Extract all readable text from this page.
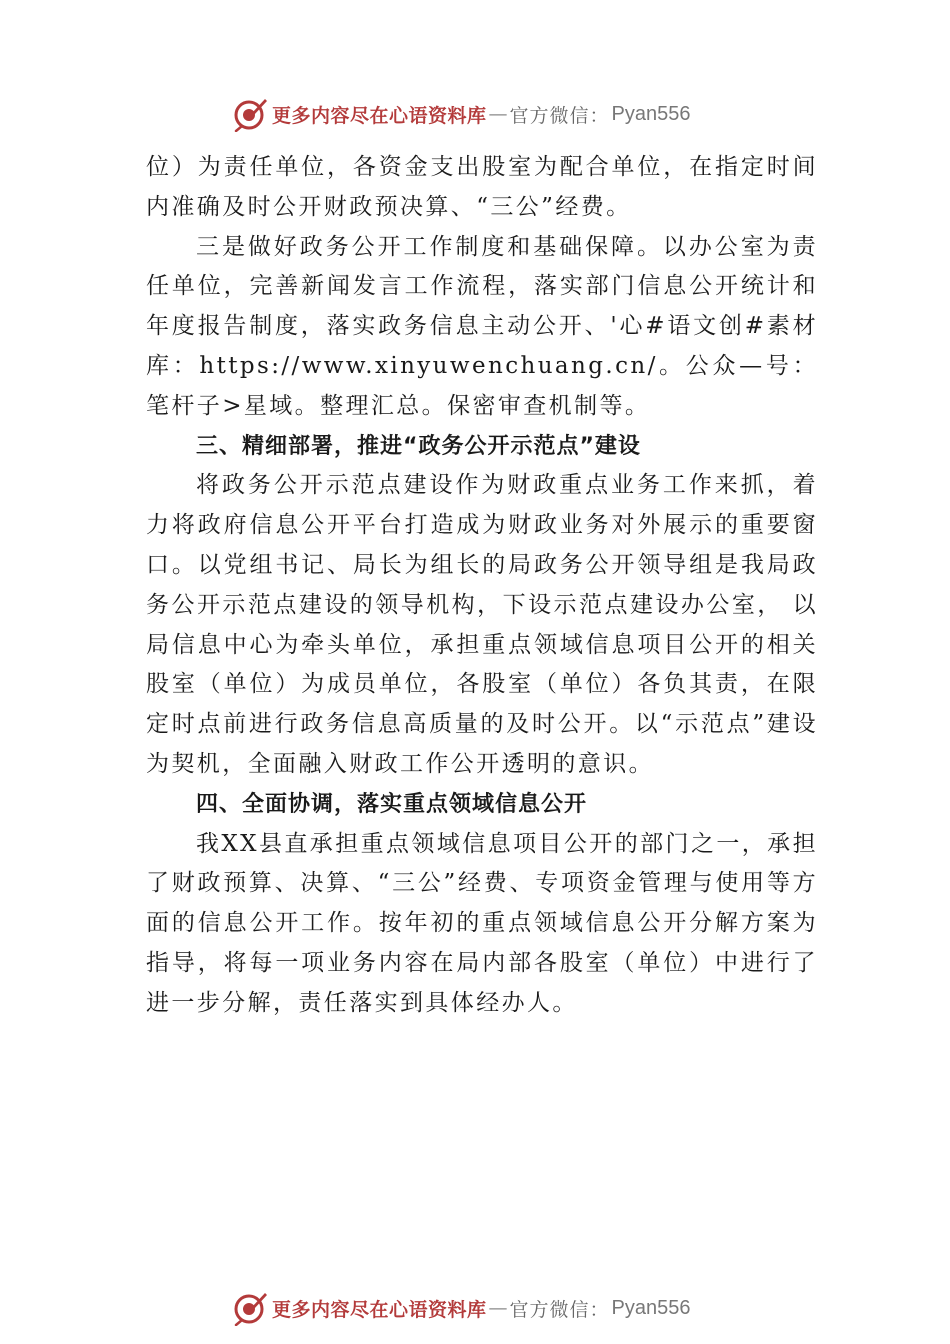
更多内容尽在心语资料库 — 官方微信： Pyan556

位）为责任单位，各资金支出股室为配合单位，在指定时间内准确及时公开财政预决算、“三公”经费。

三是做好政务公开工作制度和基础保障。以办公室为责任单位，完善新闻发言工作流程，落实部门信息公开统计和年度报告制度，落实政务信息主动公开、'心#语文创#素材库：https://www.xinyuwenchuang.cn/。公众—号：笔杆子>星域。整理汇总。保密审查机制等。

三、精细部署，推进“政务公开示范点”建设

将政务公开示范点建设作为财政重点业务工作来抓，着力将政府信息公开平台打造成为财政业务对外展示的重要窗口。以党组书记、局长为组长的局政务公开领导组是我局政务公开示范点建设的领导机构，下设示范点建设办公室， 以局信息中心为牵头单位，承担重点领域信息项目公开的相关股室（单位）为成员单位，各股室（单位）各负其责，在限定时点前进行政务信息高质量的及时公开。以“示范点”建设为契机，全面融入财政工作公开透明的意识。

四、全面协调，落实重点领域信息公开

我XX县直承担重点领域信息项目公开的部门之一，承担了财政预算、决算、“三公”经费、专项资金管理与使用等方面的信息公开工作。按年初的重点领域信息公开分解方案为指导，将每一项业务内容在局内部各股室（单位）中进行了进一步分解，责任落实到具体经办人。

更多内容尽在心语资料库 — 官方微信： Pyan556
